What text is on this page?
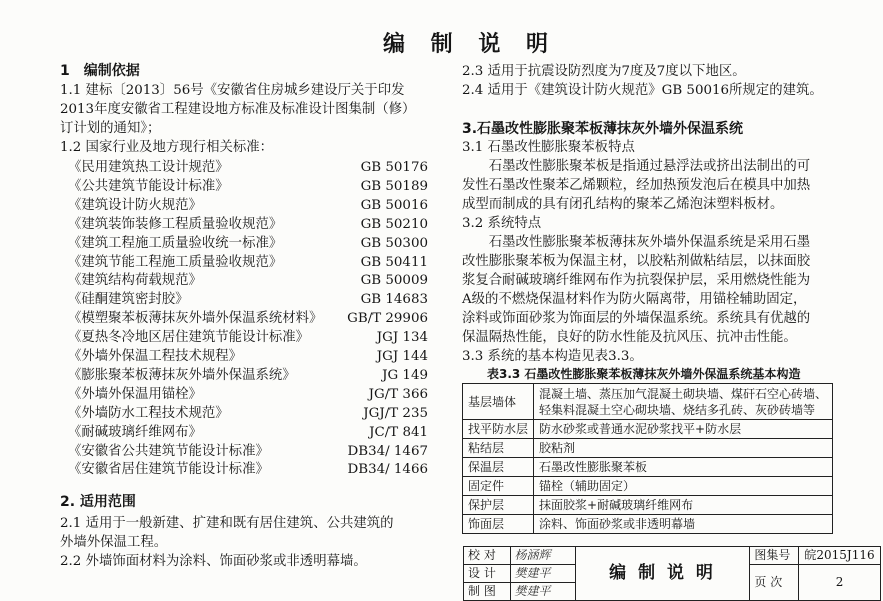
编 制 说 明
1　编制依据
1.1 建标〔2013〕56号《安徽省住房城乡建设厅关于印发
2013年度安徽省工程建设地方标准及标准设计图集制（修）
订计划的通知》；
1.2 国家行业及地方现行相关标准：
《民用建筑热工设计规范》	GB 50176
《公共建筑节能设计标准》	GB 50189
《建筑设计防火规范》	GB 50016
《建筑装饰装修工程质量验收规范》	GB 50210
《建筑工程施工质量验收统一标准》	GB 50300
《建筑节能工程施工质量验收规范》	GB 50411
《建筑结构荷载规范》	GB 50009
《硅酮建筑密封胶》	GB 14683
《模塑聚苯板薄抹灰外墙外保温系统材料》 GB/T 29906
《夏热冬冷地区居住建筑节能设计标准》	JGJ 134
《外墙外保温工程技术规程》	JGJ 144
《膨胀聚苯板薄抹灰外墙外保温系统》	JG 149
《外墙外保温用锚栓》	JG/T 366
《外墙防水工程技术规范》	JGJ/T 235
《耐碱玻璃纤维网布》	JC/T 841
《安徽省公共建筑节能设计标准》	DB34/ 1467
《安徽省居住建筑节能设计标准》	DB34/ 1466
2. 适用范围
2.1 适用于一般新建、扩建和既有居住建筑、公共建筑的
外墙外保温工程。
2.2 外墙饰面材料为涂料、饰面砂浆或非透明幕墙。
2.3 适用于抗震设防烈度为7度及7度以下地区。
2.4 适用于《建筑设计防火规范》GB 50016所规定的建筑。
3.石墨改性膨胀聚苯板薄抹灰外墙外保温系统
3.1 石墨改性膨胀聚苯板特点
　　石墨改性膨胀聚苯板是指通过悬浮法或挤出法制出的可
发性石墨改性聚苯乙烯颗粒，经加热预发泡后在模具中加热
成型而制成的具有闭孔结构的聚苯乙烯泡沫塑料板材。
3.2 系统特点
　　石墨改性膨胀聚苯板薄抹灰外墙外保温系统是采用石墨
改性膨胀聚苯板为保温主材，以胶粘剂做粘结层，以抹面胶
浆复合耐碱玻璃纤维网布作为抗裂保护层，采用燃烧性能为
A级的不燃烧保温材料作为防火隔离带，用锚栓辅助固定，
涂料或饰面砂浆为饰面层的外墙保温系统。系统具有优越的
保温隔热性能，良好的防水性能及抗风压、抗冲击性能。
3.3 系统的基本构造见表3.3。
表3.3 石墨改性膨胀聚苯板薄抹灰外墙外保温系统基本构造
基层墙体	混凝土墙、蒸压加气混凝土砌块墙、煤矸石空心砖墙、
轻集料混凝土空心砌块墙、烧结多孔砖、灰砂砖墙等

找平防水层	防水砂浆或普通水泥砂浆找平+防水层

粘结层	胶粘剂

保温层	石墨改性膨胀聚苯板

固定件	锚栓（辅助固定）

保护层	抹面胶浆+耐碱玻璃纤维网布

饰面层	涂料、饰面砂浆或非透明幕墙
校 对	杨涵辉	编 制 说 明	图集号	皖2015J116
设 计	樊建平		页 次	2
制 图	樊建平			
